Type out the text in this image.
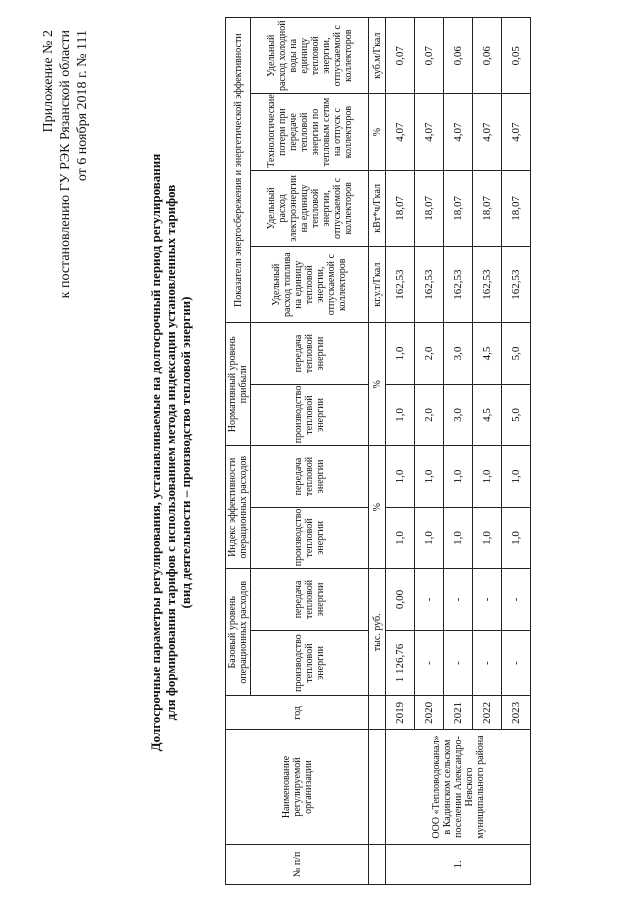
Приложение № 2 к постановлению ГУ РЭК Рязанской области от 6 ноября 2018 г. № 111
Долгосрочные параметры регулирования, устанавливаемые на долгосрочный период регулирования для формирования тарифов с использованием метода индексации установленных тарифов (вид деятельности – производство тепловой энергии)
№ п/п	Наименование регулируемой организации	год	Базовый уровень операционных расходов		Индекс эффективности операционных расходов		Нормативный уровень прибыли		Показатели энергосбережения и энергетической эффективности			
			производство тепловой энергии	передача тепловой энергии	производство тепловой энергии	передача тепловой энергии	производство тепловой энергии	передача тепловой энергии	Удельный расход топлива на единицу тепловой энергии, отпускаемой с коллекторов	Удельный расход электроэнергии на единицу тепловой энергии, отпускаемой с коллекторов	Технологические потери при передаче тепловой энергии по тепловым сетям на отпуск с коллекторов	Удельный расход холодной воды на единицу тепловой энергии, отпускаемой с коллекторов
			тыс. руб.		%		%		кг.у.т/Гкал	кВт*ч/Гкал	%	куб.м/Гкал
1.	ООО «Тепловодоканал» в Кадинском сельском поселении Александро-Невского муниципального района	2019	1 126,76	0,00	1,0	1,0	1,0	1,0	162,53	18,07	4,07	0,07
		2020	-	-	1,0	1,0	2,0	2,0	162,53	18,07	4,07	0,07
		2021	-	-	1,0	1,0	3,0	3,0	162,53	18,07	4,07	0,06
		2022	-	-	1,0	1,0	4,5	4,5	162,53	18,07	4,07	0,06
		2023	-	-	1,0	1,0	5,0	5,0	162,53	18,07	4,07	0,05
